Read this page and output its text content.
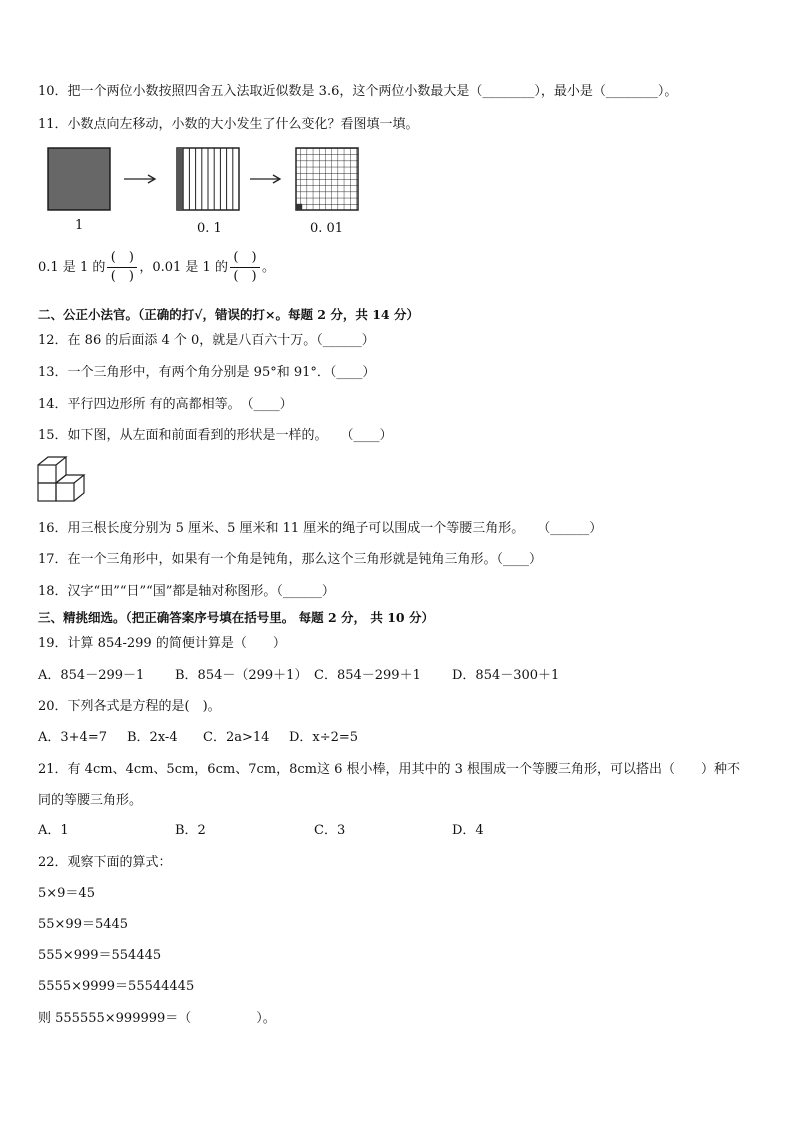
10．把一个两位小数按照四舍五入法取近似数是 3.6，这个两位小数最大是（________），最小是（________）。
11．小数点向左移动，小数的大小发生了什么变化？看图填一填。
1	0. 1	0. 01
0.1 是 1 的 $\frac{( )}{( )}$ ，0.01 是 1 的 $\frac{( )}{( )}$ 。
二、公正小法官。（正确的打√，错误的打×。每题 2 分，共 14 分）
12．在 86 的后面添 4 个 0，就是八百六十万。（______）
13．一个三角形中，有两个角分别是 95°和 91°．（____）
14．平行四边形所 有的高都相等。　（____）
15．如下图，从左面和前面看到的形状是一样的。　　（____）
16．用三根长度分别为 5 厘米、5 厘米和 11 厘米的绳子可以围成一个等腰三角形。　　（______）
17．在一个三角形中，如果有一个角是钝角，那么这个三角形就是钝角三角形。（____）
18．汉字“田”“日”“国”都是轴对称图形。（______）
三、精挑细选。（把正确答案序号填在括号里。 每题 2 分， 共 10 分）
19．计算 854-299 的简便计算是（　　）
A．854－299－1 B．854－（299＋1） C．854－299＋1 D．854－300＋1
20．下列各式是方程的是(　)。
A．3+4=7 B．2x-4 C．2a>14 D．x÷2=5
21．有 4cm、4cm、5cm，6cm、7cm，8cm这 6 根小棒，用其中的 3 根围成一个等腰三角形，可以搭出（　　）种不
同的等腰三角形。
A．1	B．2	C．3	D．4
22．观察下面的算式：
5×9＝45
55×99＝5445
555×999＝554445
5555×9999＝55544445
则 555555×999999＝（　　　　　）。
